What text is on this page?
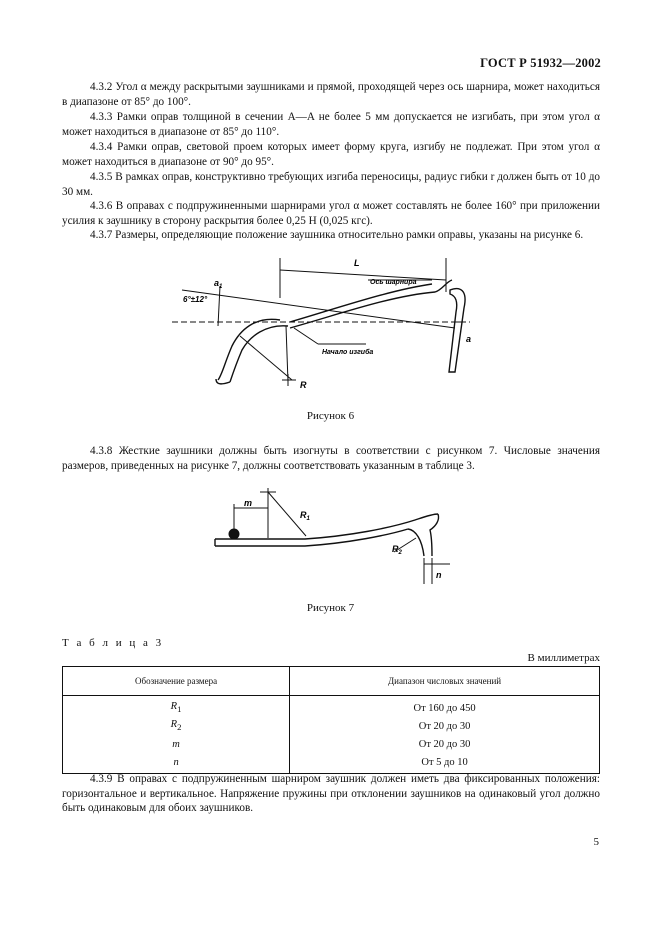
ГОСТ Р 51932—2002
4.3.2 Угол α между раскрытыми заушниками и прямой, проходящей через ось шарнира, может находиться в диапазоне от 85° до 100°.
4.3.3 Рамки оправ толщиной в сечении A—A не более 5 мм допускается не изгибать, при этом угол α может находиться в диапазоне от 85° до 110°.
4.3.4 Рамки оправ, световой проем которых имеет форму круга, изгибу не подлежат. При этом угол α может находиться в диапазоне от 90° до 95°.
4.3.5 В рамках оправ, конструктивно требующих изгиба переносицы, радиус гибки r должен быть от 10 до 30 мм.
4.3.6 В оправах с подпружиненными шарнирами угол α может составлять не более 160° при приложении усилия к заушнику в сторону раскрытия более 0,25 Н (0,025 кгс).
4.3.7 Размеры, определяющие положение заушника относительно рамки оправы, указаны на рисунке 6.
L
Ось шарнира
$a_1$
6°±12°
Начало изгиба
R
a
Рисунок 6
4.3.8 Жесткие заушники должны быть изогнуты в соответствии с рисунком 7. Числовые значения размеров, приведенных на рисунке 7, должны соответствовать указанным в таблице 3.
m
$R_1$
$R_2$
n
Рисунок 7
Т а б л и ц а 3
В миллиметрах
Обозначение размера	Диапазон числовых значений
$R_1$	От 160 до 450
$R_2$	От 20 до 30
m	От 20 до 30
n	От 5 до 10
4.3.9 В оправах с подпружиненным шарниром заушник должен иметь два фиксированных положения: горизонтальное и вертикальное. Напряжение пружины при отклонении заушников на одинаковый угол должно быть одинаковым для обоих заушников.
5
